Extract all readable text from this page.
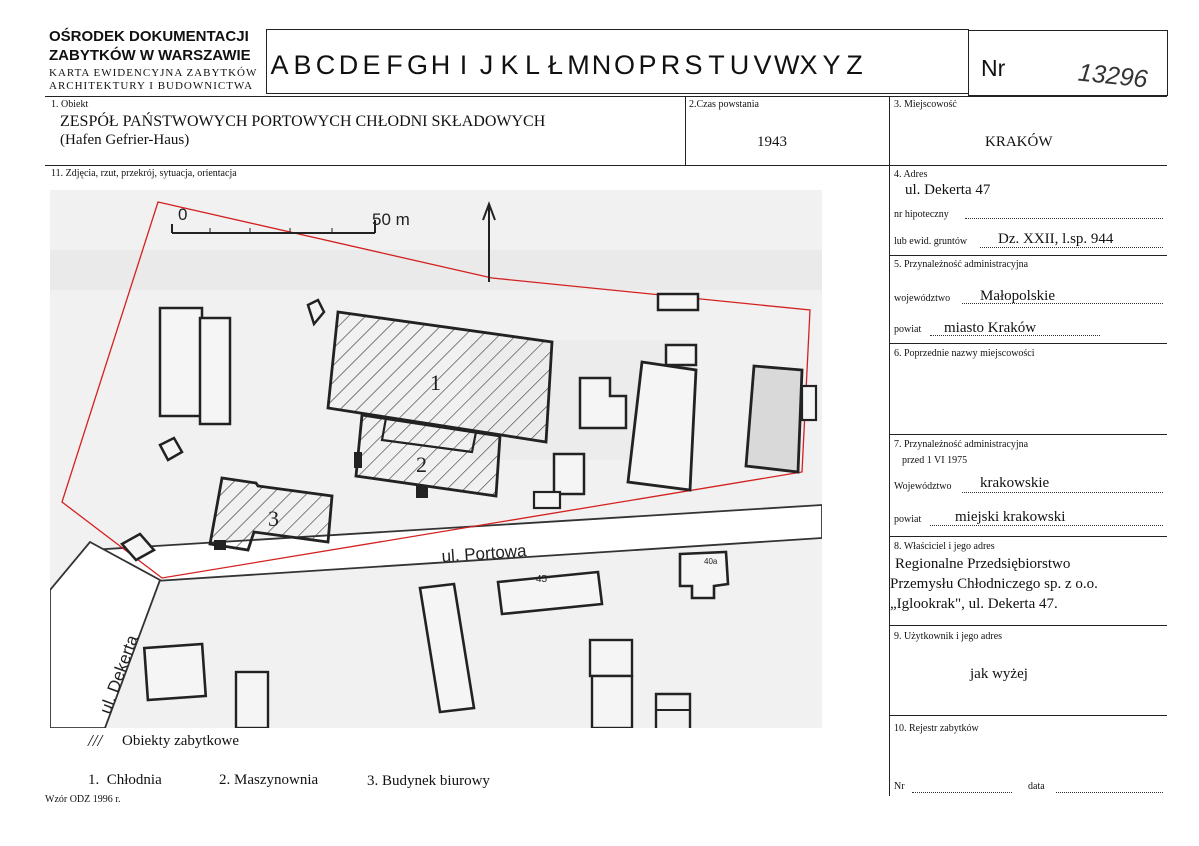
OŚRODEK DOKUMENTACJI
ZABYTKÓW W WARSZAWIE
KARTA EWIDENCYJNA ZABYTKÓW
ARCHITEKTURY I BUDOWNICTWA
A B C D E F G H I J K L Ł M N O P R S T U V W X Y Z	Nr	13296
1. Obiekt
ZESPÓŁ PAŃSTWOWYCH PORTOWYCH CHŁODNI SKŁADOWYCH
(Hafen Gefrier-Haus)
2.Czas powstania
1943
3. Miejscowość
KRAKÓW
11. Zdjęcia, rzut, przekrój, sytuacja, orientacja	4. Adres
ul. Dekerta 47
nr hipoteczny
lub ewid. gruntów Dz. XXII, l.sp. 944
5. Przynależność administracyjna
województwo Małopolskie
powiat miasto Kraków
6. Poprzednie nazwy miejscowości
7. Przynależność administracyjna
przed 1 VI 1975
Województwo krakowskie
powiat miejski krakowski
8. Właściciel i jego adres
Regionalne Przedsiębiorstwo
Przemysłu Chłodniczego sp. z o.o.
„Iglookrak", ul. Dekerta 47.
9. Użytkownik i jego adres
jak wyżej
10. Rejestr zabytków
Nr	data
0	50 m
1
2
3
ul. Portowa
ul. Dekerta
45
40a
/// Obiekty zabytkowe
1.  Chłodnia	2. Maszynownia	3. Budynek biurowy
Wzór ODZ 1996 r.
